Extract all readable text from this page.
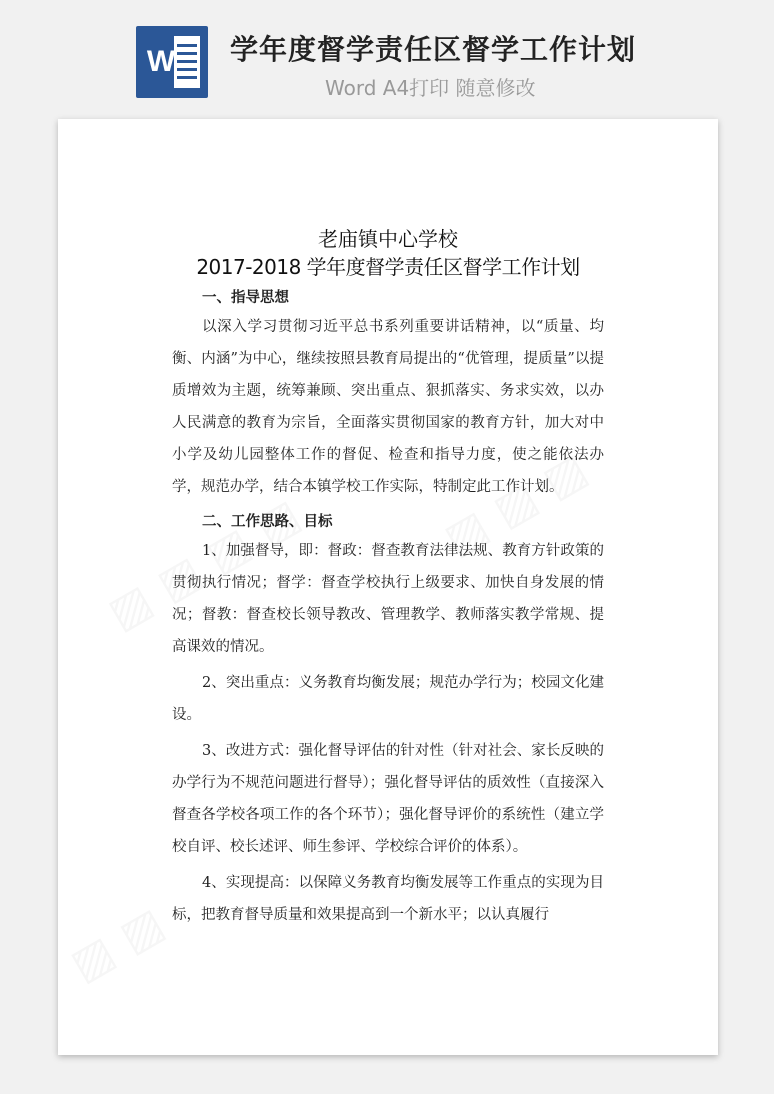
W 学年度督学责任区督学工作计划
Word A4打印 随意修改
老庙镇中心学校
2017-2018 学年度督学责任区督学工作计划
一、指导思想

以深入学习贯彻习近平总书系列重要讲话精神，以“质量、均衡、内涵”为中心，继续按照县教育局提出的“优管理，提质量”以提质增效为主题，统筹兼顾、突出重点、狠抓落实、务求实效，以办人民满意的教育为宗旨，全面落实贯彻国家的教育方针，加大对中小学及幼儿园整体工作的督促、检查和指导力度，使之能依法办学，规范办学，结合本镇学校工作实际，特制定此工作计划。

二、工作思路、目标

1、加强督导，即：督政：督查教育法律法规、教育方针政策的贯彻执行情况；督学：督查学校执行上级要求、加快自身发展的情况；督教：督查校长领导教改、管理教学、教师落实教学常规、提高课效的情况。

2、突出重点：义务教育均衡发展；规范办学行为；校园文化建设。

3、改进方式：强化督导评估的针对性（针对社会、家长反映的办学行为不规范问题进行督导）；强化督导评估的质效性（直接深入督查各学校各项工作的各个环节）；强化督导评价的系统性（建立学校自评、校长述评、师生参评、学校综合评价的体系）。

4、实现提高：以保障义务教育均衡发展等工作重点的实现为目标，把教育督导质量和效果提高到一个新水平；以认真履行
